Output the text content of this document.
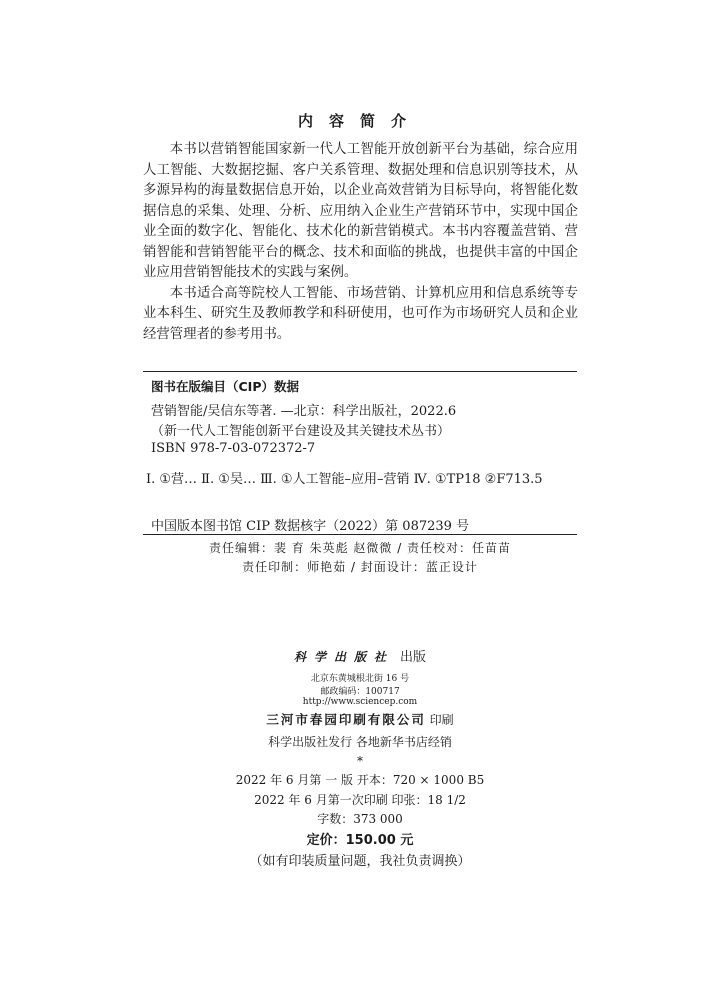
内容简介

本书以营销智能国家新一代人工智能开放创新平台为基础，综合应用人工智能、大数据挖掘、客户关系管理、数据处理和信息识别等技术，从多源异构的海量数据信息开始，以企业高效营销为目标导向，将智能化数据信息的采集、处理、分析、应用纳入企业生产营销环节中，实现中国企业全面的数字化、智能化、技术化的新营销模式。本书内容覆盖营销、营销智能和营销智能平台的概念、技术和面临的挑战，也提供丰富的中国企业应用营销智能技术的实践与案例。

本书适合高等院校人工智能、市场营销、计算机应用和信息系统等专业本科生、研究生及教师教学和科研使用，也可作为市场研究人员和企业经营管理者的参考用书。

图书在版编目（CIP）数据
营销智能/吴信东等著. —北京：科学出版社，2022.6
（新一代人工智能创新平台建设及其关键技术丛书）
ISBN 978-7-03-072372-7
Ⅰ. ①营… Ⅱ. ①吴… Ⅲ. ①人工智能–应用–营销 Ⅳ. ①TP18 ②F713.5
中国版本图书馆 CIP 数据核字（2022）第 087239 号
责任编辑：裴 育 朱英彪 赵微微 / 责任校对：任苗苗
责任印制：师艳茹 / 封面设计：蓝正设计
科学出版社 出版
北京东黄城根北街 16 号
邮政编码：100717
http://www.sciencep.com
三河市春园印刷有限公司 印刷
科学出版社发行 各地新华书店经销
*
2022 年 6 月第 一 版 开本：720 × 1000 B5
2022 年 6 月第一次印刷 印张：18 1/2
字数：373 000
定价：150.00 元
（如有印装质量问题，我社负责调换）
